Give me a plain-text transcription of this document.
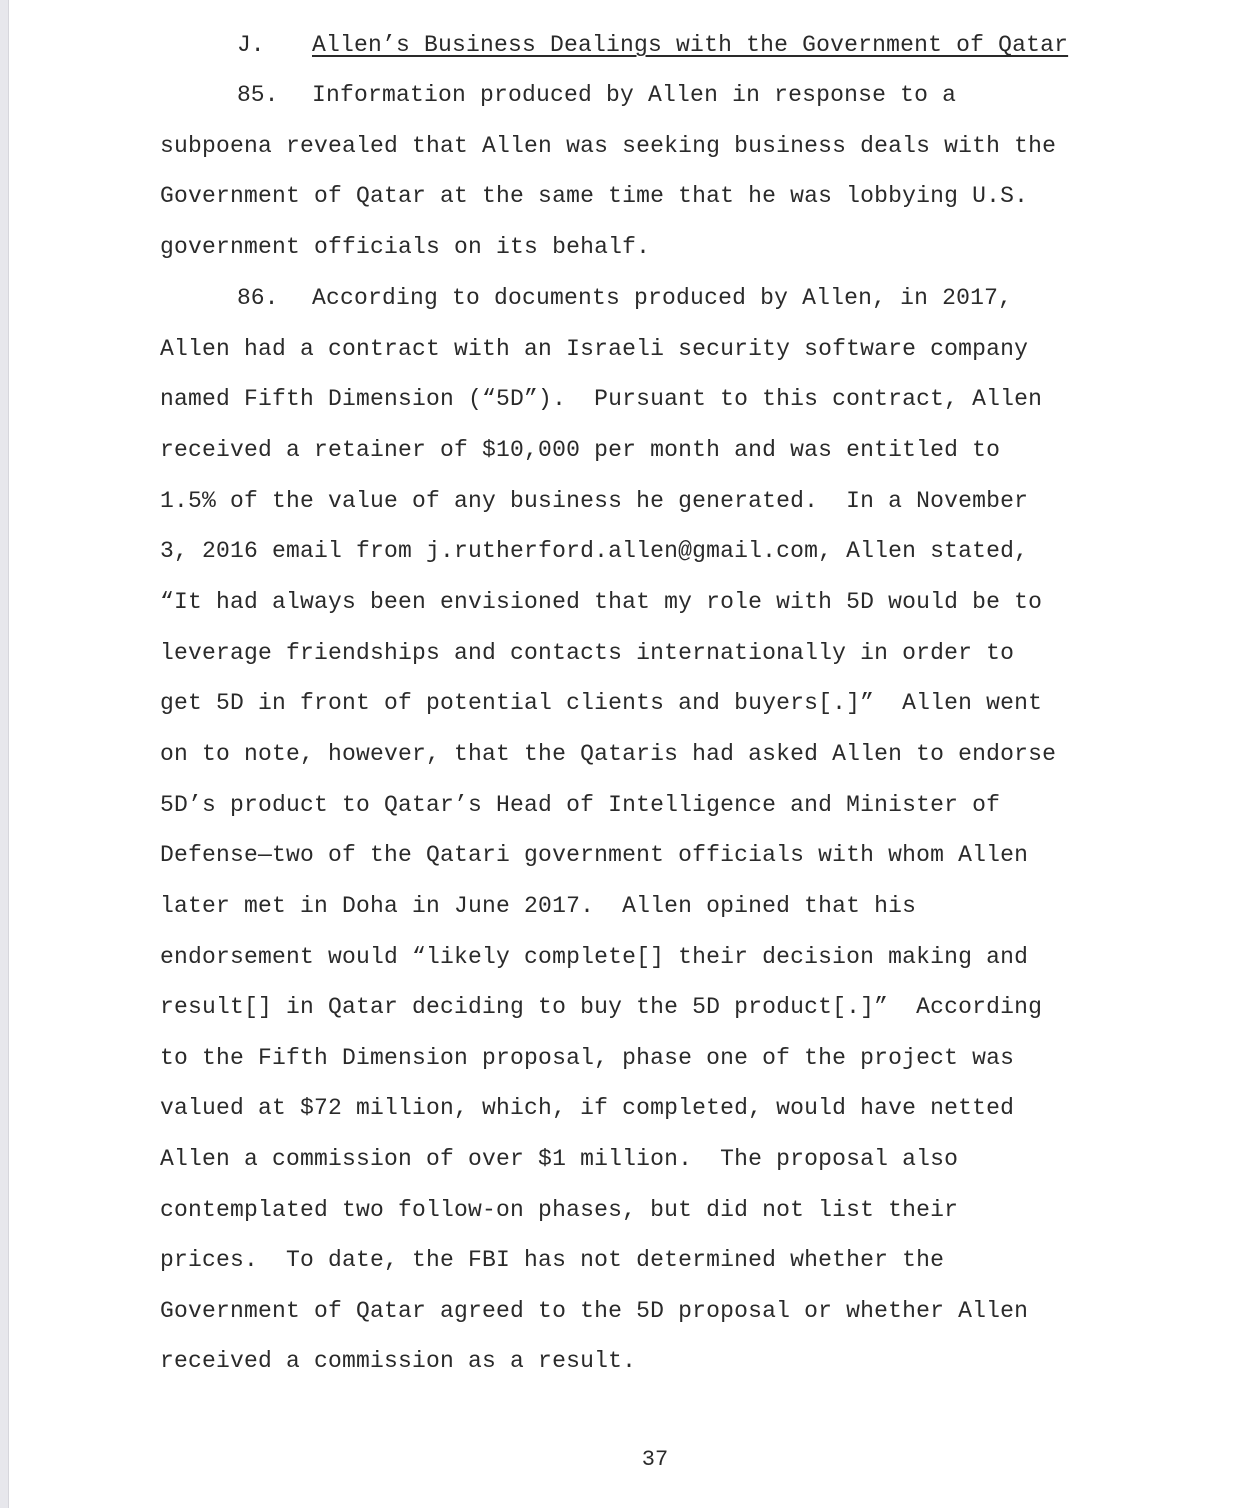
J. Allen’s Business Dealings with the Government of Qatar
85. Information produced by Allen in response to a
subpoena revealed that Allen was seeking business deals with the
Government of Qatar at the same time that he was lobbying U.S.
government officials on its behalf.
86. According to documents produced by Allen, in 2017,
Allen had a contract with an Israeli security software company
named Fifth Dimension (“5D”).  Pursuant to this contract, Allen
received a retainer of $10,000 per month and was entitled to
1.5% of the value of any business he generated.  In a November
3, 2016 email from j.rutherford.allen@gmail.com, Allen stated,
“It had always been envisioned that my role with 5D would be to
leverage friendships and contacts internationally in order to
get 5D in front of potential clients and buyers[.]”  Allen went
on to note, however, that the Qataris had asked Allen to endorse
5D’s product to Qatar’s Head of Intelligence and Minister of
Defense—two of the Qatari government officials with whom Allen
later met in Doha in June 2017.  Allen opined that his
endorsement would “likely complete[] their decision making and
result[] in Qatar deciding to buy the 5D product[.]”  According
to the Fifth Dimension proposal, phase one of the project was
valued at $72 million, which, if completed, would have netted
Allen a commission of over $1 million.  The proposal also
contemplated two follow-on phases, but did not list their
prices.  To date, the FBI has not determined whether the
Government of Qatar agreed to the 5D proposal or whether Allen
received a commission as a result.
37
